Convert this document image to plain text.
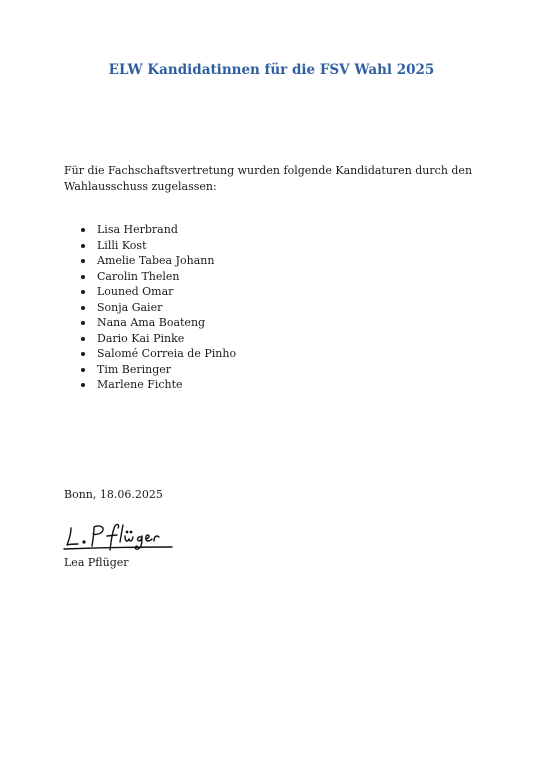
ELW Kandidatinnen für die FSV Wahl 2025
Für die Fachschaftsvertretung wurden folgende Kandidaturen durch den Wahlausschuss zugelassen:
Lisa Herbrand
Lilli Kost
Amelie Tabea Johann
Carolin Thelen
Louned Omar
Sonja Gaier
Nana Ama Boateng
Dario Kai Pinke
Salomé Correia de Pinho
Tim Beringer
Marlene Fichte
Bonn, 18.06.2025
Lea Pflüger
